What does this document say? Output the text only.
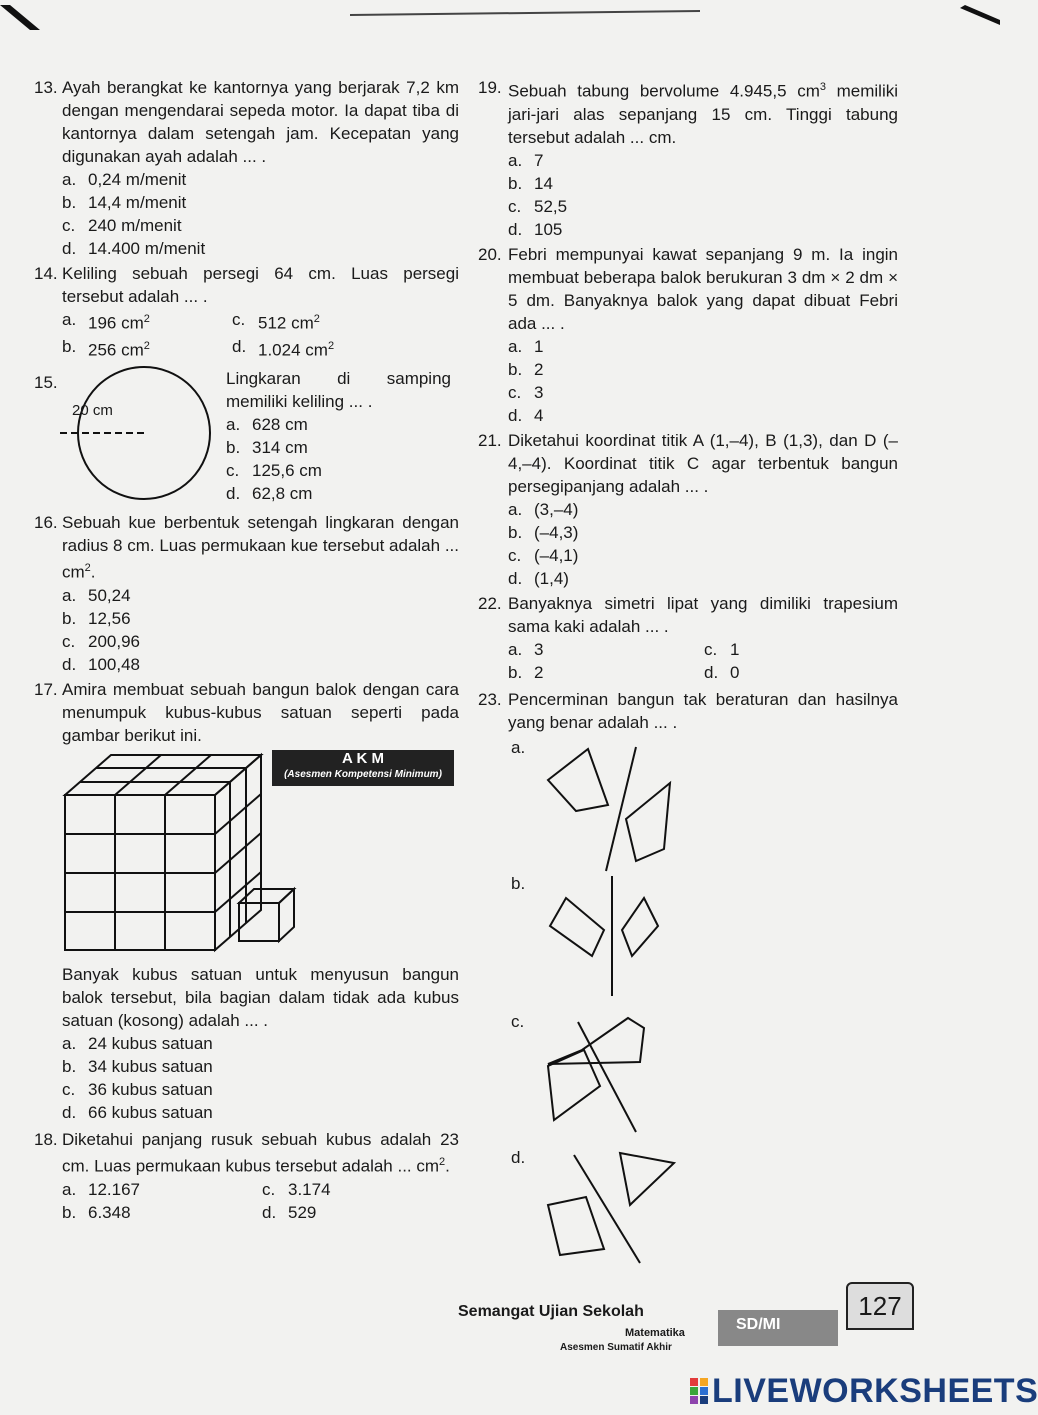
13. Ayah berangkat ke kantornya yang berjarak 7,2 km dengan mengendarai sepeda motor. Ia dapat tiba di kantornya dalam setengah jam. Kecepatan yang digunakan ayah adalah ... .
a. 0,24 m/menit
b. 14,4 m/menit
c. 240 m/menit
d. 14.400 m/menit
14. Keliling sebuah persegi 64 cm. Luas persegi tersebut adalah ... .
a. 196 $cm^2$	c. 512 $cm^2$
b. 256 $cm^2$	d. 1.024 $cm^2$
15.
20 cm
Lingkaran di samping memiliki keliling ... .
a. 628 cm
b. 314 cm
c. 125,6 cm
d. 62,8 cm
16. Sebuah kue berbentuk setengah lingkaran dengan radius 8 cm. Luas permukaan kue tersebut adalah ... $cm^2$.
a. 50,24
b. 12,56
c. 200,96
d. 100,48
17. Amira membuat sebuah bangun balok dengan cara menumpuk kubus-kubus satuan seperti pada gambar berikut ini.
A K M
(Asesmen Kompetensi Minimum)
Banyak kubus satuan untuk menyusun bangun balok tersebut, bila bagian dalam tidak ada kubus satuan (kosong) adalah ... .
a. 24 kubus satuan
b. 34 kubus satuan
c. 36 kubus satuan
d. 66 kubus satuan
18. Diketahui panjang rusuk sebuah kubus adalah 23 cm. Luas permukaan kubus tersebut adalah ... $cm^2$.
a. 12.167	c. 3.174
b. 6.348	d. 529
19. Sebuah tabung bervolume 4.945,5 $cm^3$ memiliki jari-jari alas sepanjang 15 cm. Tinggi tabung tersebut adalah ... cm.
a. 7
b. 14
c. 52,5
d. 105
20. Febri mempunyai kawat sepanjang 9 m. Ia ingin membuat beberapa balok berukuran 3 dm × 2 dm × 5 dm. Banyaknya balok yang dapat dibuat Febri ada ... .
a. 1
b. 2
c. 3
d. 4
21. Diketahui koordinat titik A (1,–4), B (1,3), dan D (–4,–4). Koordinat titik C agar terbentuk bangun persegipanjang adalah ... .
a. (3,–4)
b. (–4,3)
c. (–4,1)
d. (1,4)
22. Banyaknya simetri lipat yang dimiliki trapesium sama kaki adalah ... .
a. 3	c. 1
b. 2	d. 0
23. Pencerminan bangun tak beraturan dan hasilnya yang benar adalah ... .
a.
b.
c.
d.
Semangat Ujian Sekolah
Matematika
Asesmen Sumatif Akhir
SD/MI
127
LIVEWORKSHEETS
